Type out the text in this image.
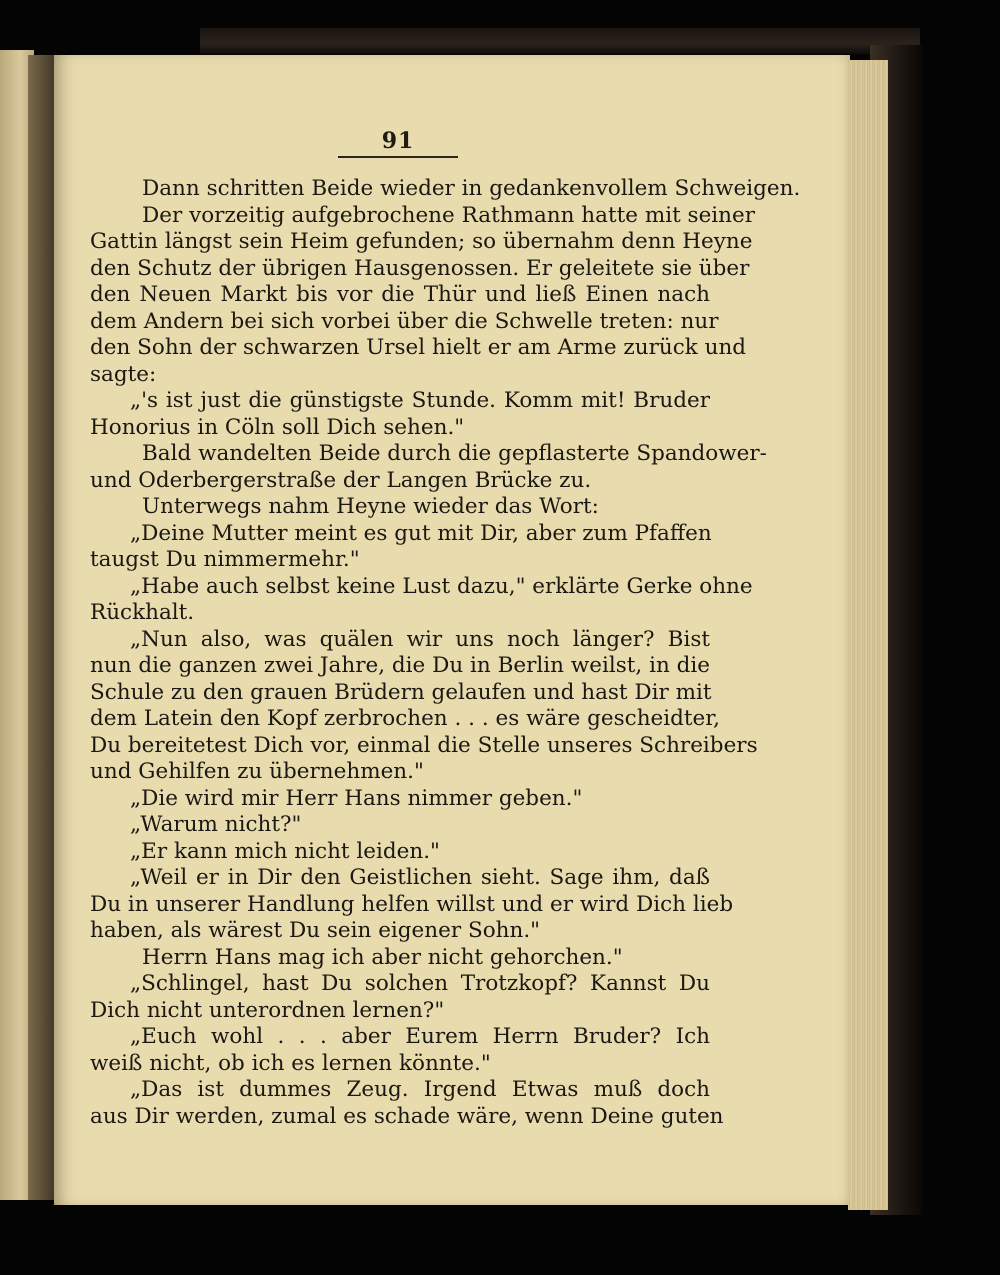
91
Dann schritten Beide wieder in gedankenvollem Schweigen.
Der vorzeitig aufgebrochene Rathmann hatte mit seiner
Gattin längst sein Heim gefunden; so übernahm denn Heyne
den Schutz der übrigen Hausgenossen. Er geleitete sie über
den Neuen Markt bis vor die Thür und ließ Einen nach
dem Andern bei sich vorbei über die Schwelle treten: nur
den Sohn der schwarzen Ursel hielt er am Arme zurück und
sagte:
„'s ist just die günstigste Stunde. Komm mit! Bruder
Honorius in Cöln soll Dich sehen."
Bald wandelten Beide durch die gepflasterte Spandower-
und Oderbergerstraße der Langen Brücke zu.
Unterwegs nahm Heyne wieder das Wort:
„Deine Mutter meint es gut mit Dir, aber zum Pfaffen
taugst Du nimmermehr."
„Habe auch selbst keine Lust dazu," erklärte Gerke ohne
Rückhalt.
„Nun also, was quälen wir uns noch länger? Bist
nun die ganzen zwei Jahre, die Du in Berlin weilst, in die
Schule zu den grauen Brüdern gelaufen und hast Dir mit
dem Latein den Kopf zerbrochen . . . es wäre gescheidter,
Du bereitetest Dich vor, einmal die Stelle unseres Schreibers
und Gehilfen zu übernehmen."
„Die wird mir Herr Hans nimmer geben."
„Warum nicht?"
„Er kann mich nicht leiden."
„Weil er in Dir den Geistlichen sieht. Sage ihm, daß
Du in unserer Handlung helfen willst und er wird Dich lieb
haben, als wärest Du sein eigener Sohn."
Herrn Hans mag ich aber nicht gehorchen."
„Schlingel, hast Du solchen Trotzkopf? Kannst Du
Dich nicht unterordnen lernen?"
„Euch wohl . . . aber Eurem Herrn Bruder? Ich
weiß nicht, ob ich es lernen könnte."
„Das ist dummes Zeug. Irgend Etwas muß doch
aus Dir werden, zumal es schade wäre, wenn Deine guten
